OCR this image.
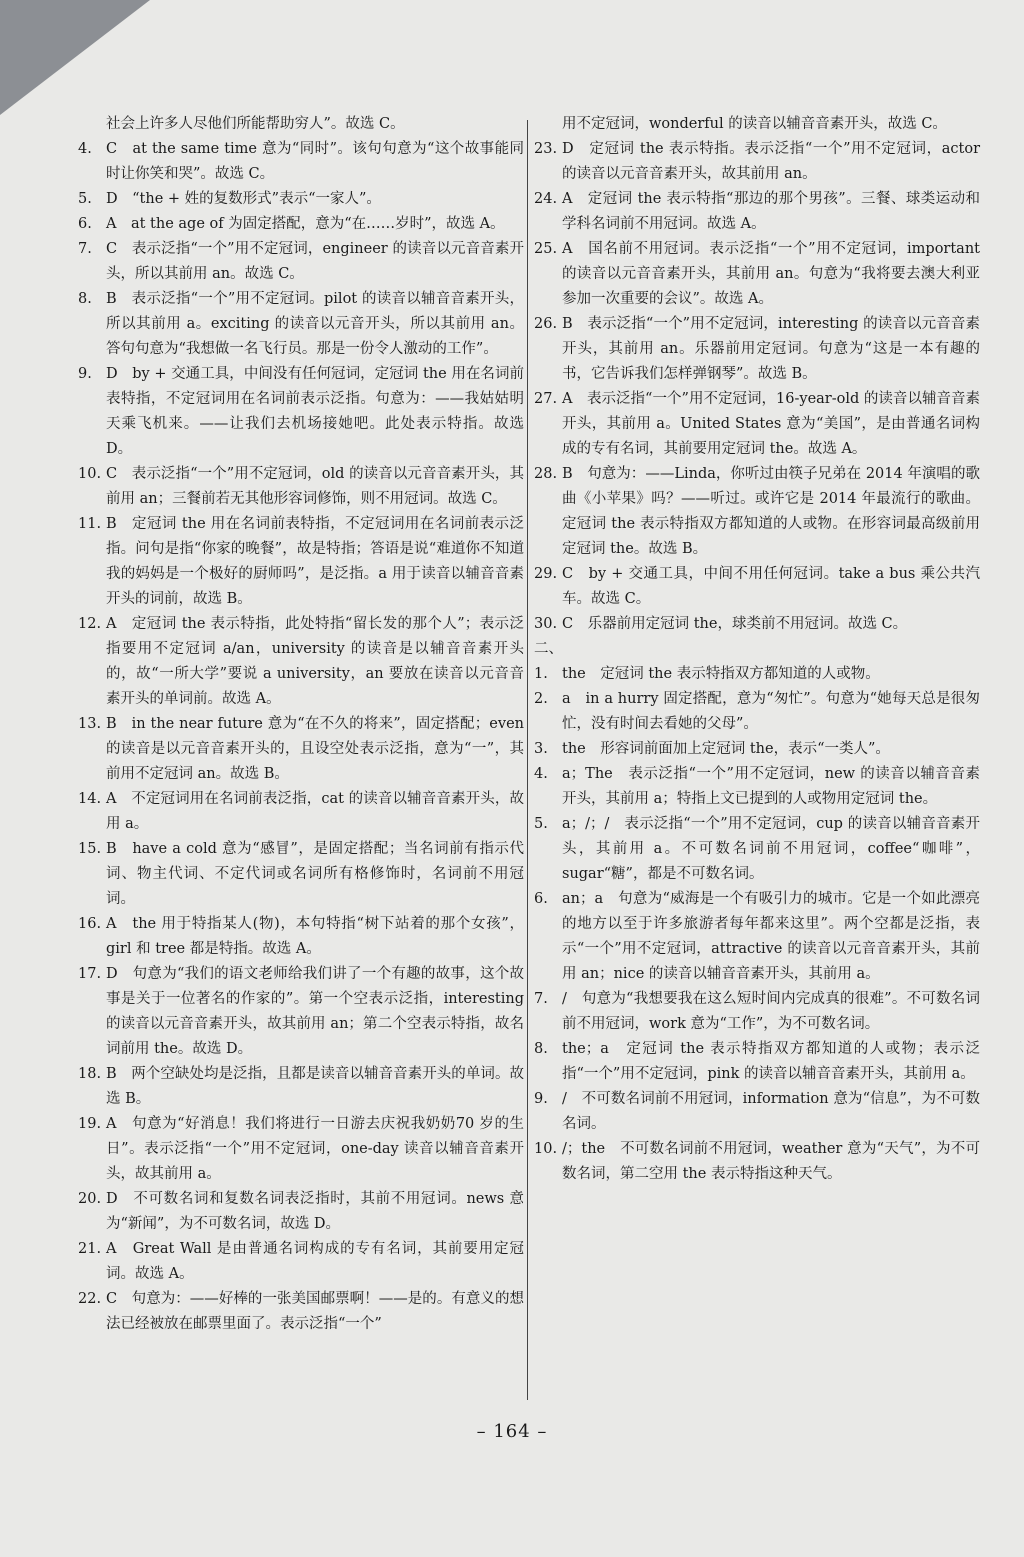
社会上许多人尽他们所能帮助穷人”。故选 C。
4. C　at the same time 意为“同时”。该句句意为“这个故事能同时让你笑和哭”。故选 C。
5. D　“the + 姓的复数形式”表示“一家人”。
6. A　at the age of 为固定搭配，意为“在……岁时”，故选 A。
7. C　表示泛指“一个”用不定冠词，engineer 的读音以元音音素开头，所以其前用 an。故选 C。
8. B　表示泛指“一个”用不定冠词。pilot 的读音以辅音音素开头，所以其前用 a。exciting 的读音以元音开头，所以其前用 an。答句句意为“我想做一名飞行员。那是一份令人激动的工作”。
9. D　by + 交通工具，中间没有任何冠词，定冠词 the 用在名词前表特指，不定冠词用在名词前表示泛指。句意为：——我姑姑明天乘飞机来。——让我们去机场接她吧。此处表示特指。故选 D。
10. C　表示泛指“一个”用不定冠词，old 的读音以元音音素开头，其前用 an；三餐前若无其他形容词修饰，则不用冠词。故选 C。
11. B　定冠词 the 用在名词前表特指，不定冠词用在名词前表示泛指。问句是指“你家的晚餐”，故是特指；答语是说“难道你不知道我的妈妈是一个极好的厨师吗”，是泛指。a 用于读音以辅音音素开头的词前，故选 B。
12. A　定冠词 the 表示特指，此处特指“留长发的那个人”；表示泛指要用不定冠词 a/an，university 的读音是以辅音音素开头的，故“一所大学”要说 a university，an 要放在读音以元音音素开头的单词前。故选 A。
13. B　in the near future 意为“在不久的将来”，固定搭配；even 的读音是以元音音素开头的，且设空处表示泛指，意为“一”，其前用不定冠词 an。故选 B。
14. A　不定冠词用在名词前表泛指，cat 的读音以辅音音素开头，故用 a。
15. B　have a cold 意为“感冒”，是固定搭配；当名词前有指示代词、物主代词、不定代词或名词所有格修饰时，名词前不用冠词。
16. A　the 用于特指某人(物)，本句特指“树下站着的那个女孩”，girl 和 tree 都是特指。故选 A。
17. D　句意为“我们的语文老师给我们讲了一个有趣的故事，这个故事是关于一位著名的作家的”。第一个空表示泛指，interesting 的读音以元音音素开头，故其前用 an；第二个空表示特指，故名词前用 the。故选 D。
18. B　两个空缺处均是泛指，且都是读音以辅音音素开头的单词。故选 B。
19. A　句意为“好消息！我们将进行一日游去庆祝我奶奶70 岁的生日”。表示泛指“一个”用不定冠词，one-day 读音以辅音音素开头，故其前用 a。
20. D　不可数名词和复数名词表泛指时，其前不用冠词。news 意为“新闻”，为不可数名词，故选 D。
21. A　Great Wall 是由普通名词构成的专有名词，其前要用定冠词。故选 A。
22. C　句意为：——好棒的一张美国邮票啊！——是的。有意义的想法已经被放在邮票里面了。表示泛指“一个”
用不定冠词，wonderful 的读音以辅音音素开头，故选 C。
23. D　定冠词 the 表示特指。表示泛指“一个”用不定冠词，actor 的读音以元音音素开头，故其前用 an。
24. A　定冠词 the 表示特指“那边的那个男孩”。三餐、球类运动和学科名词前不用冠词。故选 A。
25. A　国名前不用冠词。表示泛指“一个”用不定冠词，important 的读音以元音音素开头，其前用 an。句意为“我将要去澳大利亚参加一次重要的会议”。故选 A。
26. B　表示泛指“一个”用不定冠词，interesting 的读音以元音音素开头，其前用 an。乐器前用定冠词。句意为“这是一本有趣的书，它告诉我们怎样弹钢琴”。故选 B。
27. A　表示泛指“一个”用不定冠词，16-year-old 的读音以辅音音素开头，其前用 a。United States 意为“美国”，是由普通名词构成的专有名词，其前要用定冠词 the。故选 A。
28. B　句意为：——Linda，你听过由筷子兄弟在 2014 年演唱的歌曲《小苹果》吗？——听过。或许它是 2014 年最流行的歌曲。定冠词 the 表示特指双方都知道的人或物。在形容词最高级前用定冠词 the。故选 B。
29. C　by + 交通工具，中间不用任何冠词。take a bus 乘公共汽车。故选 C。
30. C　乐器前用定冠词 the，球类前不用冠词。故选 C。
二、
1. the　定冠词 the 表示特指双方都知道的人或物。
2. a　in a hurry 固定搭配，意为“匆忙”。句意为“她每天总是很匆忙，没有时间去看她的父母”。
3. the　形容词前面加上定冠词 the，表示“一类人”。
4. a；The　表示泛指“一个”用不定冠词，new 的读音以辅音音素开头，其前用 a；特指上文已提到的人或物用定冠词 the。
5. a；/；/　表示泛指“一个”用不定冠词，cup 的读音以辅音音素开头，其前用 a。不可数名词前不用冠词，coffee“咖啡”，sugar“糖”，都是不可数名词。
6. an；a　句意为“威海是一个有吸引力的城市。它是一个如此漂亮的地方以至于许多旅游者每年都来这里”。两个空都是泛指，表示“一个”用不定冠词，attractive 的读音以元音音素开头，其前用 an；nice 的读音以辅音音素开头，其前用 a。
7. /　句意为“我想要我在这么短时间内完成真的很难”。不可数名词前不用冠词，work 意为“工作”，为不可数名词。
8. the；a　定冠词 the 表示特指双方都知道的人或物；表示泛指“一个”用不定冠词，pink 的读音以辅音音素开头，其前用 a。
9. /　不可数名词前不用冠词，information 意为“信息”，为不可数名词。
10. /；the　不可数名词前不用冠词，weather 意为“天气”，为不可数名词，第二空用 the 表示特指这种天气。
– 164 –
